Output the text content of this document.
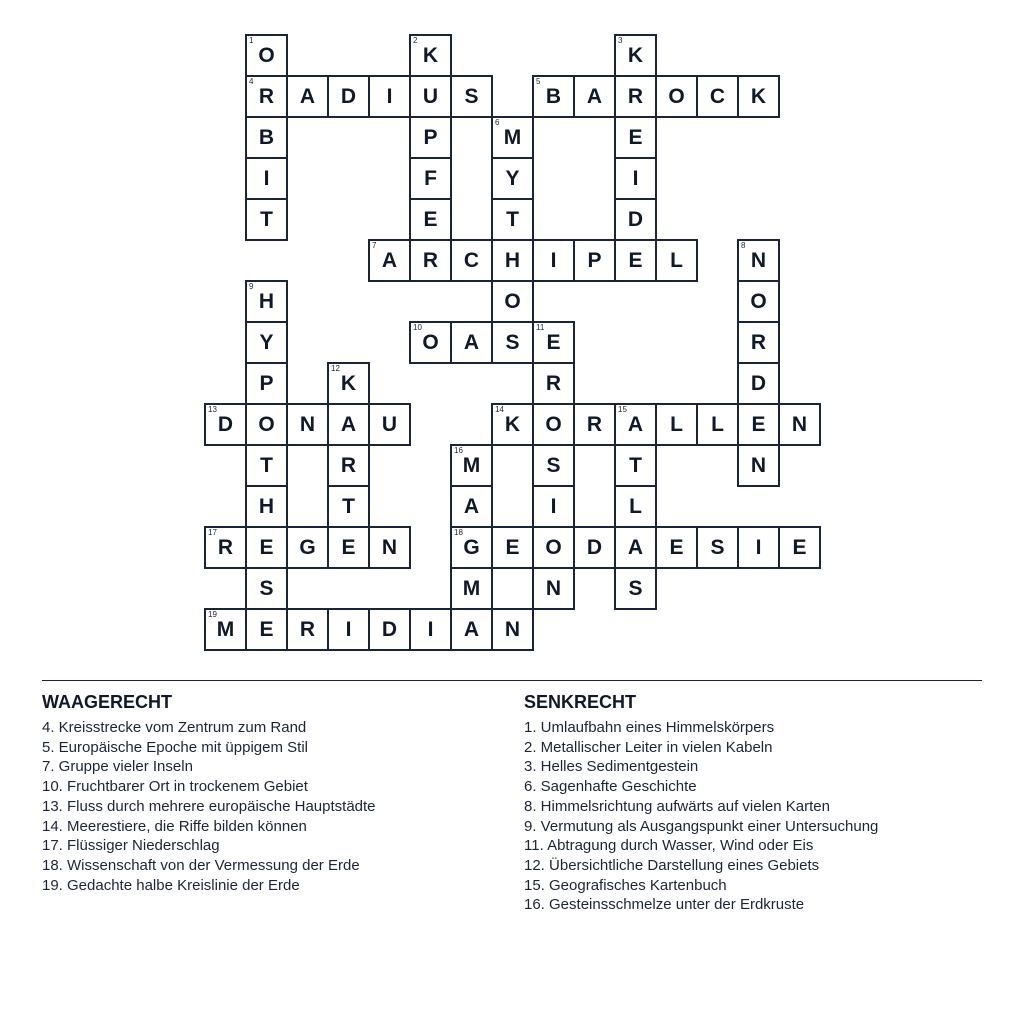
1
O
2
K
3
K
4
R	A	D	I	U	S
5
B	A	R	O	C	K
B	P
6
M	E
I	F	Y	I
T	E	T	D
7
A	R	C	H	I	P	E	L
8
N
9
H	O	O
Y
10
O	A	S
11
E	R
P
12
K	R	D
13
D	O	N	A	U
14
K	O	R
15
A	L	L	E	N
T	R
16
M	S	T	N
H	T	A	I	L
17
R	E	G	E	N
18
G	E	O	D	A	E	S	I	E
S	M	N	S
19
M	E	R	I	D	I	A	N
WAAGERECHT
4. Kreisstrecke vom Zentrum zum Rand
5. Europäische Epoche mit üppigem Stil
7. Gruppe vieler Inseln
10. Fruchtbarer Ort in trockenem Gebiet
13. Fluss durch mehrere europäische Hauptstädte
14. Meerestiere, die Riffe bilden können
17. Flüssiger Niederschlag
18. Wissenschaft von der Vermessung der Erde
19. Gedachte halbe Kreislinie der Erde
SENKRECHT
1. Umlaufbahn eines Himmelskörpers
2. Metallischer Leiter in vielen Kabeln
3. Helles Sedimentgestein
6. Sagenhafte Geschichte
8. Himmelsrichtung aufwärts auf vielen Karten
9. Vermutung als Ausgangspunkt einer Untersuchung
11. Abtragung durch Wasser, Wind oder Eis
12. Übersichtliche Darstellung eines Gebiets
15. Geografisches Kartenbuch
16. Gesteinsschmelze unter der Erdkruste
